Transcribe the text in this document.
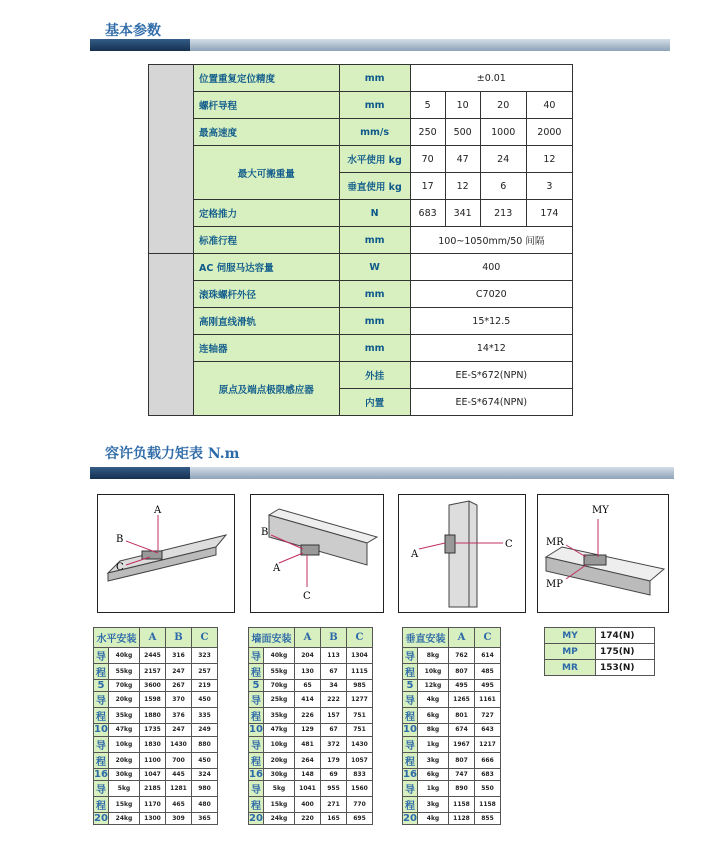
基本参数
	位置重复定位精度	mm	±0.01			
	螺杆导程	mm	5	10	20	40
	最高速度	mm/s	250	500	1000	2000
	最大可搬重量	水平使用 kg	70	47	24	12
		垂直使用 kg	17	12	6	3
	定格推力	N	683	341	213	174
	标准行程	mm	100~1050mm/50 间隔			
	AC 伺服马达容量	W	400			
	滚珠螺杆外径	mm	C7020			
	高刚直线滑轨	mm	15*12.5			
	连轴器	mm	14*12			
	原点及端点极限感应器	外挂	EE-S*672(NPN)			
		内置	EE-S*674(NPN)			
容许负载力矩表 N.m
A
B
C
B
A
C
A
C
MY
MR
MP
水平安装		A	B	C
导	40kg	2445	316	323
程	55kg	2157	247	257
5	70kg	3600	267	219
导	20kg	1598	370	450
程	35kg	1880	376	335
10	47kg	1735	247	249
导	10kg	1830	1430	880
程	20kg	1100	700	450
16	30kg	1047	445	324
导	5kg	2185	1281	980
程	15kg	1170	465	480
20	24kg	1300	309	365
墙面安装		A	B	C
导	40kg	204	113	1304
程	55kg	130	67	1115
5	70kg	65	34	985
导	25kg	414	222	1277
程	35kg	226	157	751
10	47kg	129	67	751
导	10kg	481	372	1430
程	20kg	264	179	1057
16	30kg	148	69	833
导	5kg	1041	955	1560
程	15kg	400	271	770
20	24kg	220	165	695
垂直安装		A	C
导	8kg	762	614
程	10kg	807	485
5	12kg	495	495
导	4kg	1265	1161
程	6kg	801	727
10	8kg	674	643
导	1kg	1967	1217
程	3kg	807	666
16	6kg	747	683
导	1kg	890	550
程	3kg	1158	1158
20	4kg	1128	855
MY	174(N)
MP	175(N)
MR	153(N)
